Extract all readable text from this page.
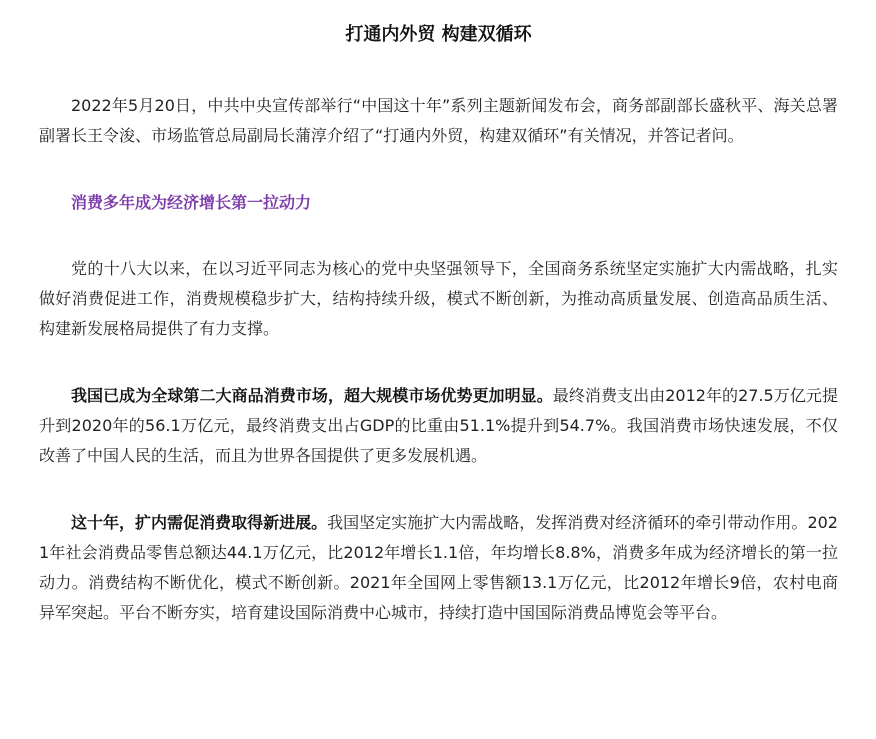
打通内外贸 构建双循环

2022年5月20日，中共中央宣传部举行“中国这十年”系列主题新闻发布会，商务部副部长盛秋平、海关总署副署长王令浚、市场监管总局副局长蒲淳介绍了“打通内外贸，构建双循环”有关情况，并答记者问。

消费多年成为经济增长第一拉动力

党的十八大以来，在以习近平同志为核心的党中央坚强领导下，全国商务系统坚定实施扩大内需战略，扎实做好消费促进工作，消费规模稳步扩大，结构持续升级，模式不断创新，为推动高质量发展、创造高品质生活、构建新发展格局提供了有力支撑。

我国已成为全球第二大商品消费市场，超大规模市场优势更加明显。最终消费支出由2012年的27.5万亿元提升到2020年的56.1万亿元，最终消费支出占GDP的比重由51.1%提升到54.7%。我国消费市场快速发展，不仅改善了中国人民的生活，而且为世界各国提供了更多发展机遇。

这十年，扩内需促消费取得新进展。我国坚定实施扩大内需战略，发挥消费对经济循环的牵引带动作用。2021年社会消费品零售总额达44.1万亿元，比2012年增长1.1倍，年均增长8.8%，消费多年成为经济增长的第一拉动力。消费结构不断优化，模式不断创新。2021年全国网上零售额13.1万亿元，比2012年增长9倍，农村电商异军突起。平台不断夯实，培育建设国际消费中心城市，持续打造中国国际消费品博览会等平台。
